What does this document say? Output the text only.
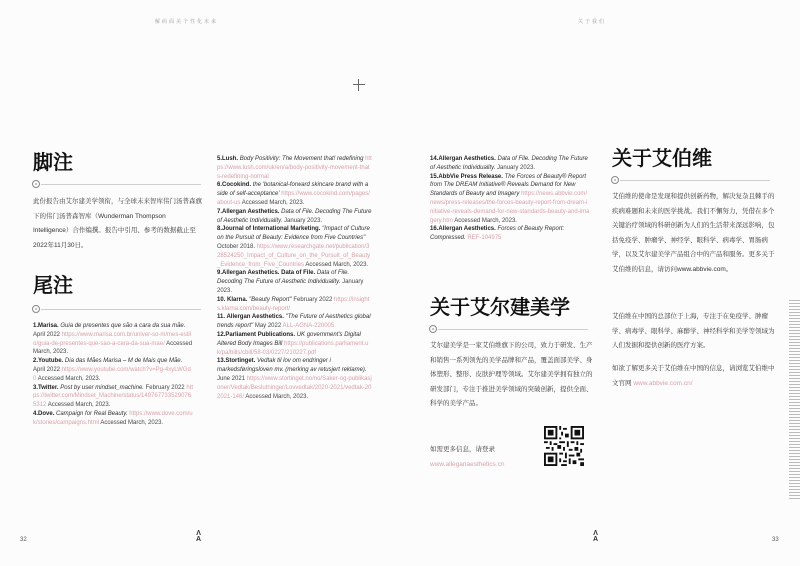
解码面美个性化未来
脚注
a
此份报告由艾尔建美学领衔，与全球未来智库伟门汤普森旗下的伟门汤普森智库（Wunderman Thompson Intelligence）合作编撰。报告中引用、参考的数据截止至2022年11月30日。
尾注
a
1.Marisa. Guia de presentes que são a cara da sua mãe. April 2022 https://www.marisa.com.br/univer-so-m/mes-estilo/guia-de-presentes-que-sao-a-cara-da-sua-mae/ Accessed March, 2023.
2.Youtube. Dia das Mães Marisa – M de Mais que Mãe. April 2022 https://www.youtube.com/watch?v=Pg-4xyLWGd0 Accessed March, 2023.
3.Twitter. Post by user mindset_machine. February 2022 https://twitter.com/Mindset_Machine/status/1497677335290765312 Accessed March, 2023.
4.Dove. Campaign for Real Beauty. https://www.dove.com/uk/stories/campaigns.html Accessed March, 2023.
5.Lush. Body Positivity: The Movement that! redefining https://www.lush.com/uk/en/a/body-positivity-movement-thats-redefining-normal
6.Cocokind. the 'botanical-forward skincare brand with a side of self-acceptance' https://www.cocokind.com/pages/about-us Accessed March, 2023.
7.Allergan Aesthetics. Data of File. Decoding The Future of Aesthetic Individuality. January 2023.
8.Journal of International Marketing. "Impact of Culture on the Pursuit of Beauty: Evidence from Five Countries" October 2018. https://www.researchgate.net/publication/328524250_Impact_of_Culture_on_the_Pursuit_of_Beauty_Evidence_from_Five_Countries Accessed March, 2023.
9.Allergan Aesthetics. Data of File. Data of File. Decoding The Future of Aesthetic Individuality. January 2023.
10. Klarna. "Beauty Report" February 2022 https://insights.klarna.com/beauty-report/
11. Allergan Aesthetics. "The Future of Aesthetics global trends report" May 2022 ALL-AGNA-220005
12.Parliament Publications. UK government's Digital Altered Body Images Bill https://publications.parliament.uk/pa/bills/cbill/58-03/0227/210227.pdf
13.Stortinget. Vedtak til lov om endringer i markedsføringsloven mv. (merking av retusjert reklame). June 2021 https://www.stortinget.no/no/Saker-og-publikasjoner/Vedtak/Beslutninger/Lovvedtak/2020-2021/vedtak-202021-146/ Accessed March, 2023.
32
Λ
A
关于我们
14.Allergan Aesthetics. Data of File. Decoding The Future of Aesthetic Individuality. January 2023.
15.AbbVie Press Release. The Forces of Beauty® Report from The DREAM Initiative® Reveals Demand for New Standards of Beauty and Imagery https://news.abbvie.com/news/press-releases/the-forces-beauty-report-from-dream-initiative-reveals-demand-for-new-standards-beauty-and-imagery.htm Accessed March, 2023.
16.Allergan Aesthetics. Forces of Beauty Report: Compressed. REF-104975
关于艾尔建美学
a
艾尔建美学是一家艾伯维旗下的公司，致力于研发、生产和销售一系列领先的美学品牌和产品，覆盖面部美学、身体塑形、整形、皮肤护理等领域。艾尔建美学拥有独立的研发部门，专注于推进美学领域的突破创新，提供全面、科学的美学产品。
如需更多信息，请登录 www.alleganaesthetics.cn
关于艾伯维
a
艾伯维的使命是发现和提供创新药物，解决复杂且棘手的疾病难题和未来的医学挑战。我们不懈努力，凭借在多个关键治疗领域的科研创新为人们的生活带来深远影响，包括免疫学、肿瘤学、神经学、眼科学、病毒学、胃肠病学，以及艾尔建美学产品组合中的产品和服务。更多关于艾伯维的信息，请访问www.abbvie.com。
艾伯维在中国的总部位于上海，专注于在免疫学、肿瘤学、病毒学、眼科学、麻醉学、神经科学和美学等领域为人们发掘和提供创新的医疗方案。
如欲了解更多关于艾伯维在中国的信息，请浏览艾伯维中文官网 www.abbvie.com.cn/
33
Λ
A
